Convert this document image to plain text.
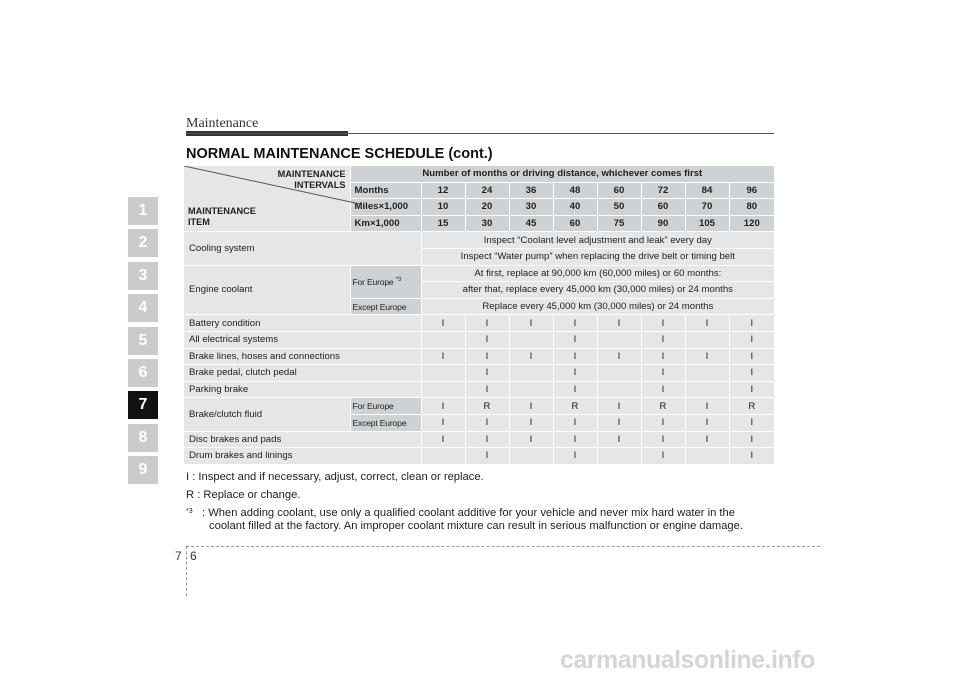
Maintenance
NORMAL MAINTENANCE SCHEDULE (cont.)
1
2
3
4
5
6
7
8
9
MAINTENANCE
INTERVALS
MAINTENANCE
ITEM	Number of months or driving distance, whichever comes first								
	Months	12	24	36	48	60	72	84	96
	Miles×1,000	10	20	30	40	50	60	70	80
	Km×1,000	15	30	45	60	75	90	105	120
Cooling system		Inspect “Coolant level adjustment and leak” every day							
		Inspect “Water pump” when replacing the drive belt or timing belt							
Engine coolant	For Europe $^{*3}$	At first, replace at 90,000 km (60,000 miles) or 60 months:							
		after that, replace every 45,000 km (30,000 miles) or 24 months							
	Except Europe	Replace every 45,000 km (30,000 miles) or 24 months							
Battery condition		I	I	I	I	I	I	I	I
All electrical systems			I		I		I		I
Brake lines, hoses and connections		I	I	I	I	I	I	I	I
Brake pedal, clutch pedal			I		I		I		I
Parking brake			I		I		I		I
Brake/clutch fluid	For Europe	I	R	I	R	I	R	I	R
	Except Europe	I	I	I	I	I	I	I	I
Disc brakes and pads		I	I	I	I	I	I	I	I
Drum brakes and linings			I		I		I		I
I : Inspect and if necessary, adjust, correct, clean or replace.
R : Replace or change.
*3 : When adding coolant, use only a qualified coolant additive for your vehicle and never mix hard water in the
coolant filled at the factory. An improper coolant mixture can result in serious malfunction or engine damage.
7 6
carmanualsonline.info
